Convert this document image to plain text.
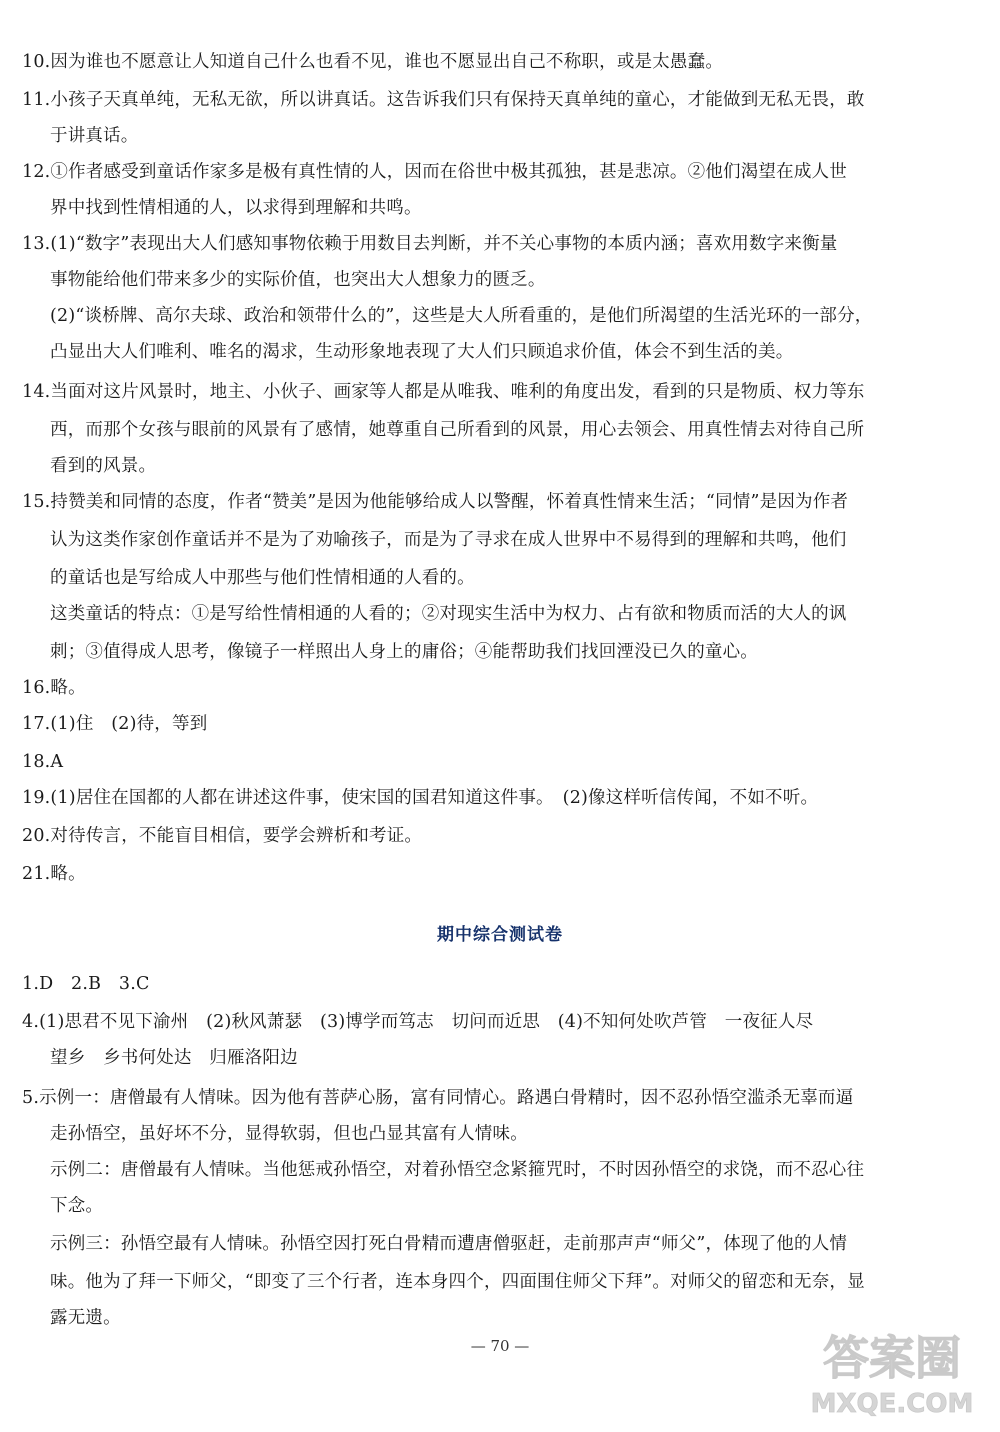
10.因为谁也不愿意让人知道自己什么也看不见，谁也不愿显出自己不称职，或是太愚蠢。
11.小孩子天真单纯，无私无欲，所以讲真话。这告诉我们只有保持天真单纯的童心，才能做到无私无畏，敢
于讲真话。
12.①作者感受到童话作家多是极有真性情的人，因而在俗世中极其孤独，甚是悲凉。②他们渴望在成人世
界中找到性情相通的人，以求得到理解和共鸣。
13.(1)“数字”表现出大人们感知事物依赖于用数目去判断，并不关心事物的本质内涵；喜欢用数字来衡量
事物能给他们带来多少的实际价值，也突出大人想象力的匮乏。
(2)“谈桥牌、高尔夫球、政治和领带什么的”，这些是大人所看重的，是他们所渴望的生活光环的一部分，
凸显出大人们唯利、唯名的渴求，生动形象地表现了大人们只顾追求价值，体会不到生活的美。
14.当面对这片风景时，地主、小伙子、画家等人都是从唯我、唯利的角度出发，看到的只是物质、权力等东
西，而那个女孩与眼前的风景有了感情，她尊重自己所看到的风景，用心去领会、用真性情去对待自己所
看到的风景。
15.持赞美和同情的态度，作者“赞美”是因为他能够给成人以警醒，怀着真性情来生活；“同情”是因为作者
认为这类作家创作童话并不是为了劝喻孩子，而是为了寻求在成人世界中不易得到的理解和共鸣，他们
的童话也是写给成人中那些与他们性情相通的人看的。
这类童话的特点：①是写给性情相通的人看的；②对现实生活中为权力、占有欲和物质而活的大人的讽
刺；③值得成人思考，像镜子一样照出人身上的庸俗；④能帮助我们找回湮没已久的童心。
16.略。
17.(1)住　(2)待，等到
18.A
19.(1)居住在国都的人都在讲述这件事，使宋国的国君知道这件事。　(2)像这样听信传闻，不如不听。
20.对待传言，不能盲目相信，要学会辨析和考证。
21.略。
期中综合测试卷
1.D　2.B　3.C
4.(1)思君不见下渝州　(2)秋风萧瑟　(3)博学而笃志　切问而近思　(4)不知何处吹芦管　一夜征人尽
望乡　乡书何处达　归雁洛阳边
5.示例一：唐僧最有人情味。因为他有菩萨心肠，富有同情心。路遇白骨精时，因不忍孙悟空滥杀无辜而逼
走孙悟空，虽好坏不分，显得软弱，但也凸显其富有人情味。
示例二：唐僧最有人情味。当他惩戒孙悟空，对着孙悟空念紧箍咒时，不时因孙悟空的求饶，而不忍心往
下念。
示例三：孙悟空最有人情味。孙悟空因打死白骨精而遭唐僧驱赶，走前那声声“师父”，体现了他的人情
味。他为了拜一下师父，“即变了三个行者，连本身四个，四面围住师父下拜”。对师父的留恋和无奈，显
露无遗。
— 70 —	答案圈
MXQE.COM
